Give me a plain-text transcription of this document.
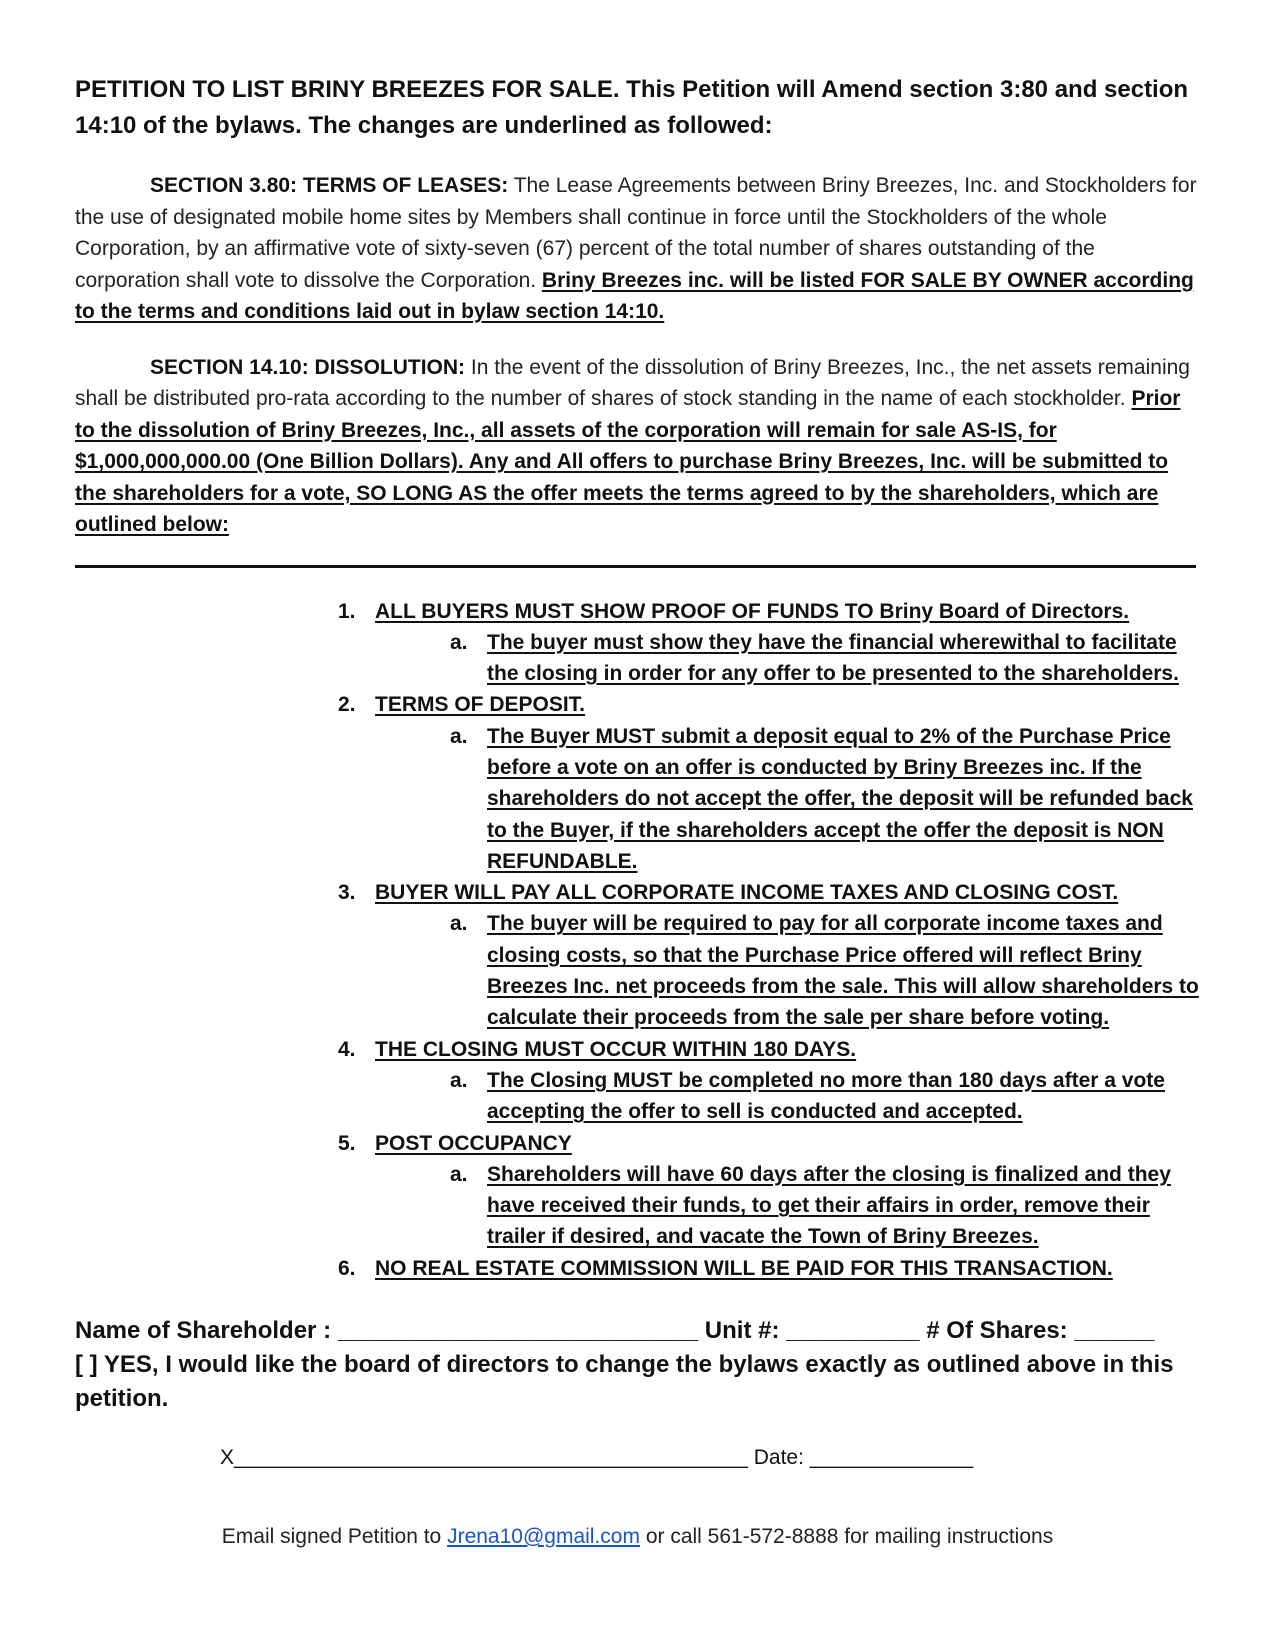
PETITION TO LIST BRINY BREEZES FOR SALE. This Petition will Amend section 3:80 and section 14:10 of the bylaws. The changes are underlined as followed:

SECTION 3.80: TERMS OF LEASES: The Lease Agreements between Briny Breezes, Inc. and Stockholders for the use of designated mobile home sites by Members shall continue in force until the Stockholders of the whole Corporation, by an affirmative vote of sixty-seven (67) percent of the total number of shares outstanding of the corporation shall vote to dissolve the Corporation. Briny Breezes inc. will be listed FOR SALE BY OWNER according to the terms and conditions laid out in bylaw section 14:10.

SECTION 14.10: DISSOLUTION: In the event of the dissolution of Briny Breezes, Inc., the net assets remaining shall be distributed pro-rata according to the number of shares of stock standing in the name of each stockholder. Prior to the dissolution of Briny Breezes, Inc., all assets of the corporation will remain for sale AS-IS, for $1,000,000,000.00 (One Billion Dollars). Any and All offers to purchase Briny Breezes, Inc. will be submitted to the shareholders for a vote, SO LONG AS the offer meets the terms agreed to by the shareholders, which are outlined below:

1. ALL BUYERS MUST SHOW PROOF OF FUNDS TO Briny Board of Directors.
a. The buyer must show they have the financial wherewithal to facilitate the closing in order for any offer to be presented to the shareholders.
2. TERMS OF DEPOSIT.
a. The Buyer MUST submit a deposit equal to 2% of the Purchase Price before a vote on an offer is conducted by Briny Breezes inc. If the shareholders do not accept the offer, the deposit will be refunded back to the Buyer, if the shareholders accept the offer the deposit is NON REFUNDABLE.
3. BUYER WILL PAY ALL CORPORATE INCOME TAXES AND CLOSING COST.
a. The buyer will be required to pay for all corporate income taxes and closing costs, so that the Purchase Price offered will reflect Briny Breezes Inc. net proceeds from the sale. This will allow shareholders to calculate their proceeds from the sale per share before voting.
4. THE CLOSING MUST OCCUR WITHIN 180 DAYS.
a. The Closing MUST be completed no more than 180 days after a vote accepting the offer to sell is conducted and accepted.
5. POST OCCUPANCY
a. Shareholders will have 60 days after the closing is finalized and they have received their funds, to get their affairs in order, remove their trailer if desired, and vacate the Town of Briny Breezes.
6. NO REAL ESTATE COMMISSION WILL BE PAID FOR THIS TRANSACTION.

Name of Shareholder : ___________________________ Unit #: __________ # Of Shares: ______

[ ] YES, I would like the board of directors to change the bylaws exactly as outlined above in this petition.

X____________________________________________ Date: ______________
Email signed Petition to Jrena10@gmail.com or call 561-572-8888 for mailing instructions
